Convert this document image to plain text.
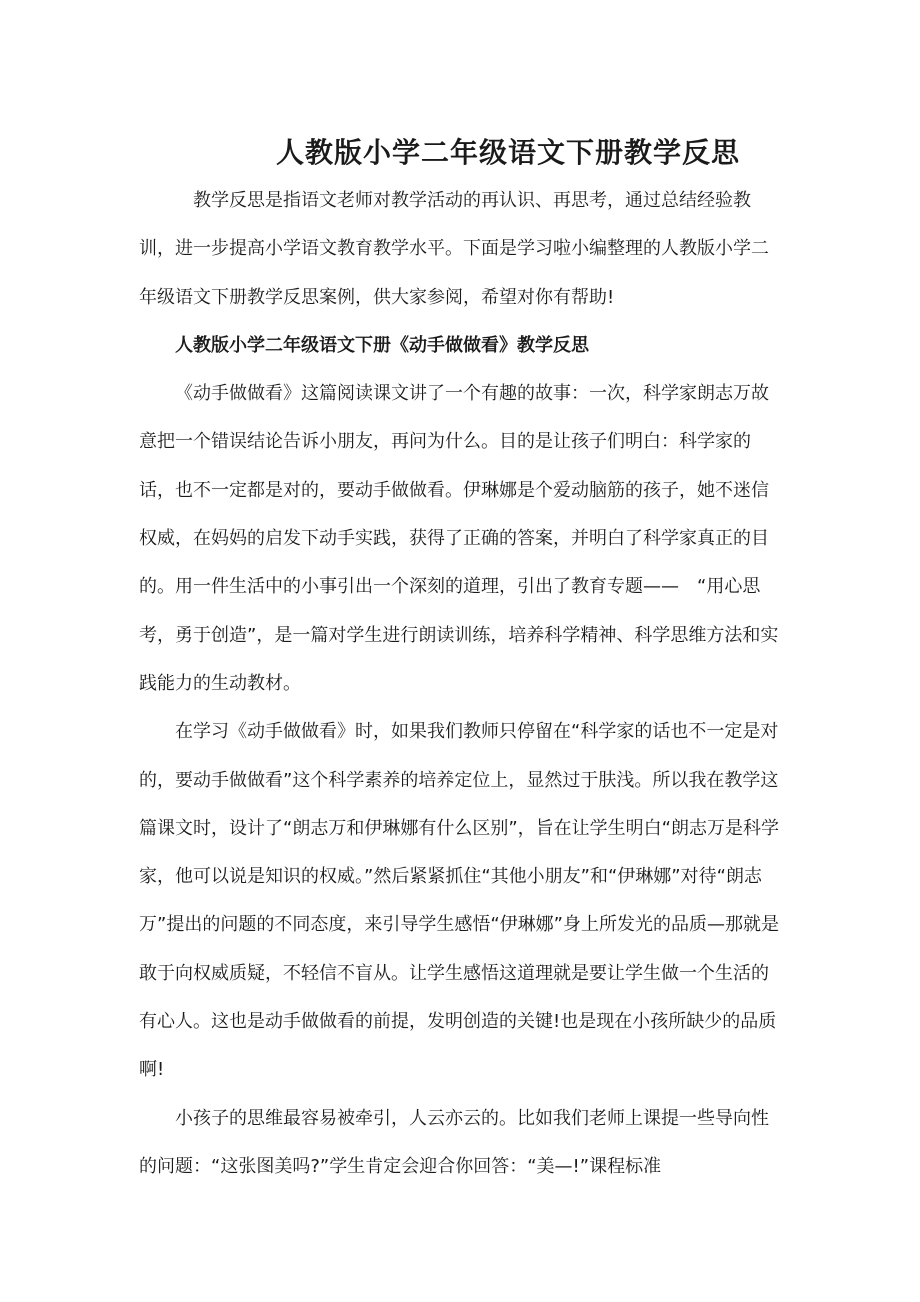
人教版小学二年级语文下册教学反思

教学反思是指语文老师对教学活动的再认识、再思考，通过总结经验教训，进一步提高小学语文教育教学水平。下面是学习啦小编整理的人教版小学二年级语文下册教学反思案例，供大家参阅，希望对你有帮助!

人教版小学二年级语文下册《动手做做看》教学反思

《动手做做看》这篇阅读课文讲了一个有趣的故事：一次，科学家朗志万故意把一个错误结论告诉小朋友，再问为什么。目的是让孩子们明白：科学家的话，也不一定都是对的，要动手做做看。伊琳娜是个爱动脑筋的孩子，她不迷信权威，在妈妈的启发下动手实践，获得了正确的答案，并明白了科学家真正的目的。用一件生活中的小事引出一个深刻的道理，引出了教育专题——　“用心思考，勇于创造”，是一篇对学生进行朗读训练，培养科学精神、科学思维方法和实践能力的生动教材。

在学习《动手做做看》时，如果我们教师只停留在“科学家的话也不一定是对的，要动手做做看”这个科学素养的培养定位上，显然过于肤浅。所以我在教学这篇课文时，设计了“朗志万和伊琳娜有什么区别”，旨在让学生明白“朗志万是科学家，他可以说是知识的权威。”然后紧紧抓住“其他小朋友”和“伊琳娜”对待“朗志万”提出的问题的不同态度，来引导学生感悟“伊琳娜”身上所发光的品质—那就是敢于向权威质疑，不轻信不盲从。让学生感悟这道理就是要让学生做一个生活的有心人。这也是动手做做看的前提，发明创造的关键!也是现在小孩所缺少的品质啊!

小孩子的思维最容易被牵引，人云亦云的。比如我们老师上课提一些导向性的问题：“这张图美吗?”学生肯定会迎合你回答：“美—!”课程标准
